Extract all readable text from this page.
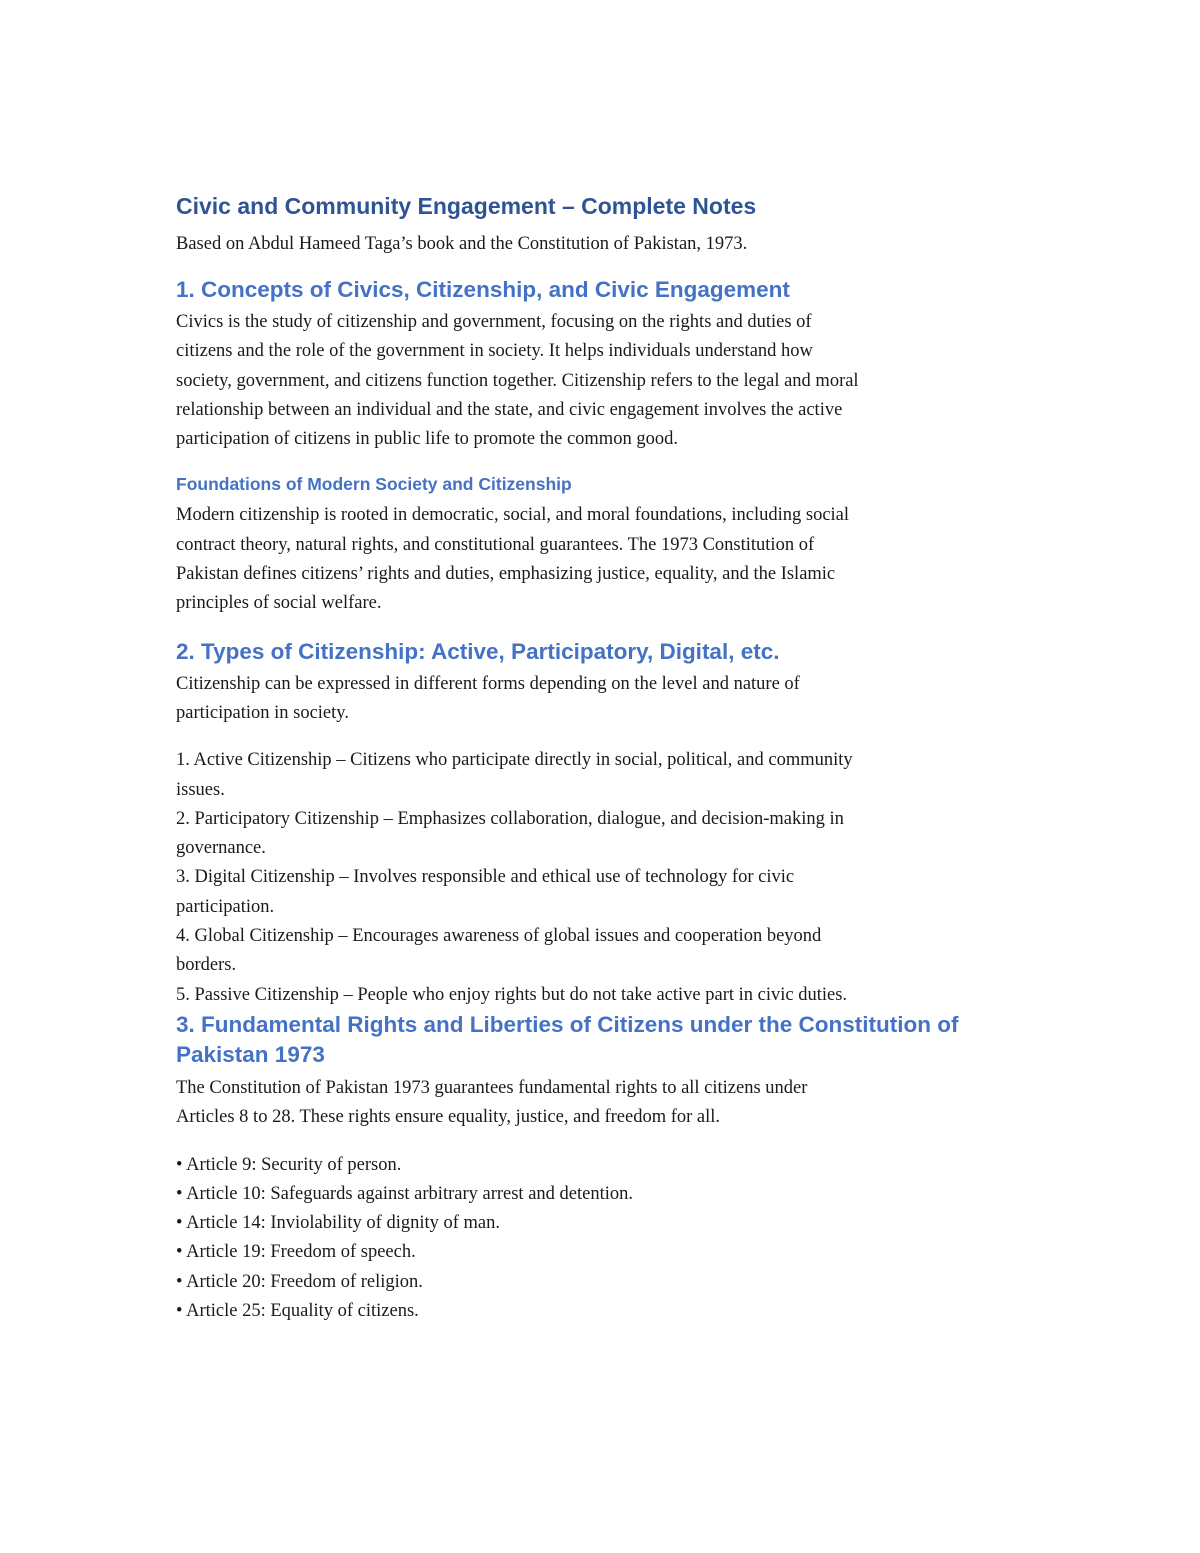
Civic and Community Engagement – Complete Notes
Based on Abdul Hameed Taga’s book and the Constitution of Pakistan, 1973.
1. Concepts of Civics, Citizenship, and Civic Engagement
Civics is the study of citizenship and government, focusing on the rights and duties of
citizens and the role of the government in society. It helps individuals understand how
society, government, and citizens function together. Citizenship refers to the legal and moral
relationship between an individual and the state, and civic engagement involves the active
participation of citizens in public life to promote the common good.
Foundations of Modern Society and Citizenship
Modern citizenship is rooted in democratic, social, and moral foundations, including social
contract theory, natural rights, and constitutional guarantees. The 1973 Constitution of
Pakistan defines citizens’ rights and duties, emphasizing justice, equality, and the Islamic
principles of social welfare.
2. Types of Citizenship: Active, Participatory, Digital, etc.
Citizenship can be expressed in different forms depending on the level and nature of
participation in society.
1. Active Citizenship – Citizens who participate directly in social, political, and community
issues.
2. Participatory Citizenship – Emphasizes collaboration, dialogue, and decision-making in
governance.
3. Digital Citizenship – Involves responsible and ethical use of technology for civic
participation.
4. Global Citizenship – Encourages awareness of global issues and cooperation beyond
borders.
5. Passive Citizenship – People who enjoy rights but do not take active part in civic duties.
3. Fundamental Rights and Liberties of Citizens under the Constitution of
Pakistan 1973
The Constitution of Pakistan 1973 guarantees fundamental rights to all citizens under
Articles 8 to 28. These rights ensure equality, justice, and freedom for all.
• Article 9: Security of person.
• Article 10: Safeguards against arbitrary arrest and detention.
• Article 14: Inviolability of dignity of man.
• Article 19: Freedom of speech.
• Article 20: Freedom of religion.
• Article 25: Equality of citizens.
